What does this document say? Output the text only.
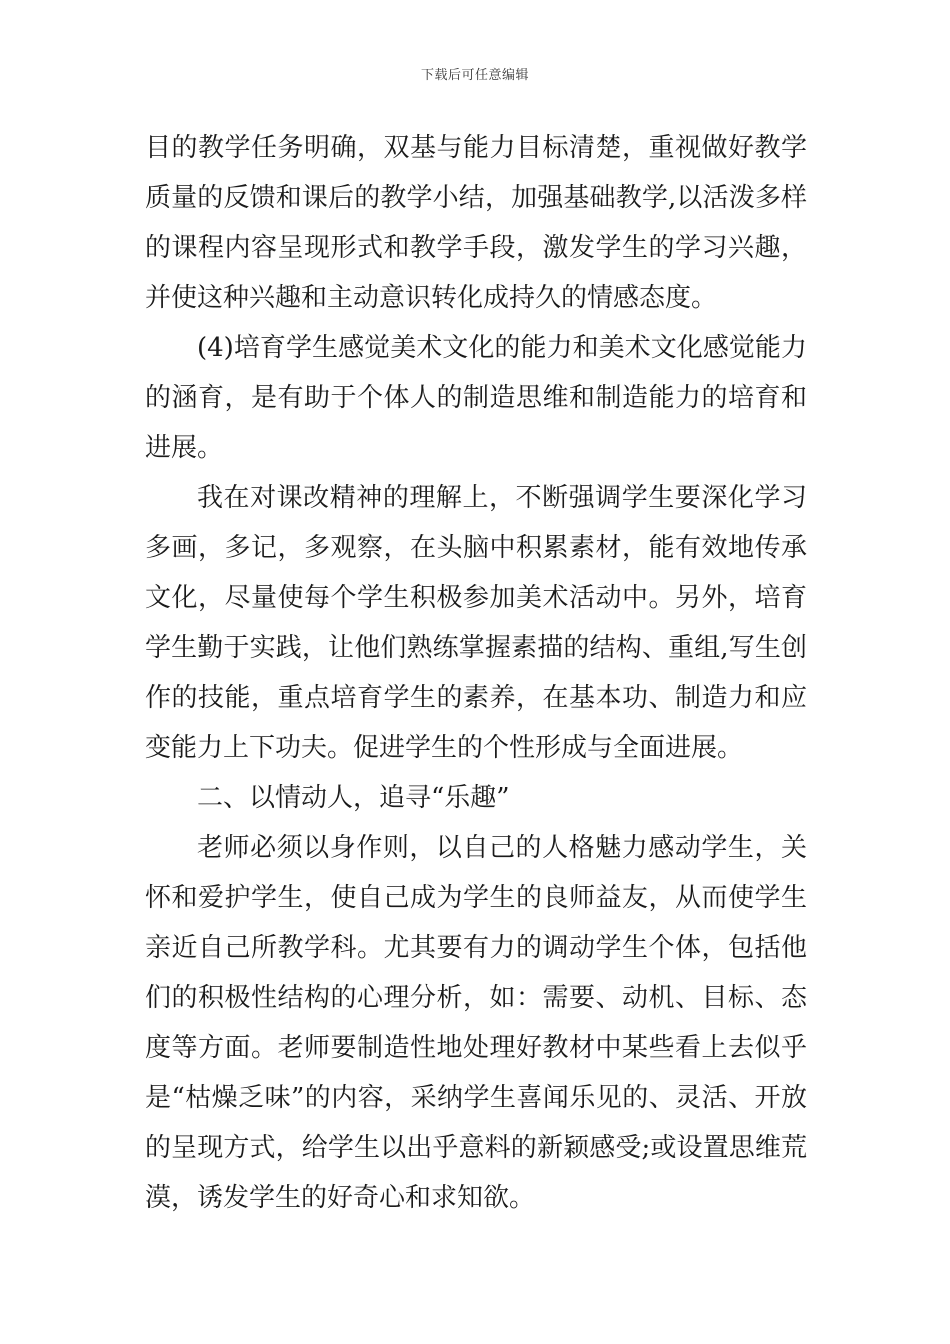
下载后可任意编辑

目的教学任务明确，双基与能力目标清楚，重视做好教学质量的反馈和课后的教学小结，加强基础教学,以活泼多样的课程内容呈现形式和教学手段，激发学生的学习兴趣，并使这种兴趣和主动意识转化成持久的情感态度。

(4)培育学生感觉美术文化的能力和美术文化感觉能力的涵育，是有助于个体人的制造思维和制造能力的培育和进展。

我在对课改精神的理解上，不断强调学生要深化学习多画，多记，多观察，在头脑中积累素材，能有效地传承文化，尽量使每个学生积极参加美术活动中。另外，培育学生勤于实践，让他们熟练掌握素描的结构、重组,写生创作的技能，重点培育学生的素养，在基本功、制造力和应变能力上下功夫。促进学生的个性形成与全面进展。

二、以情动人，追寻“乐趣”

老师必须以身作则，以自己的人格魅力感动学生，关怀和爱护学生，使自己成为学生的良师益友，从而使学生亲近自己所教学科。尤其要有力的调动学生个体，包括他们的积极性结构的心理分析，如：需要、动机、目标、态度等方面。老师要制造性地处理好教材中某些看上去似乎是“枯燥乏味”的内容，采纳学生喜闻乐见的、灵活、开放的呈现方式，给学生以出乎意料的新颖感受;或设置思维荒漠，诱发学生的好奇心和求知欲。
